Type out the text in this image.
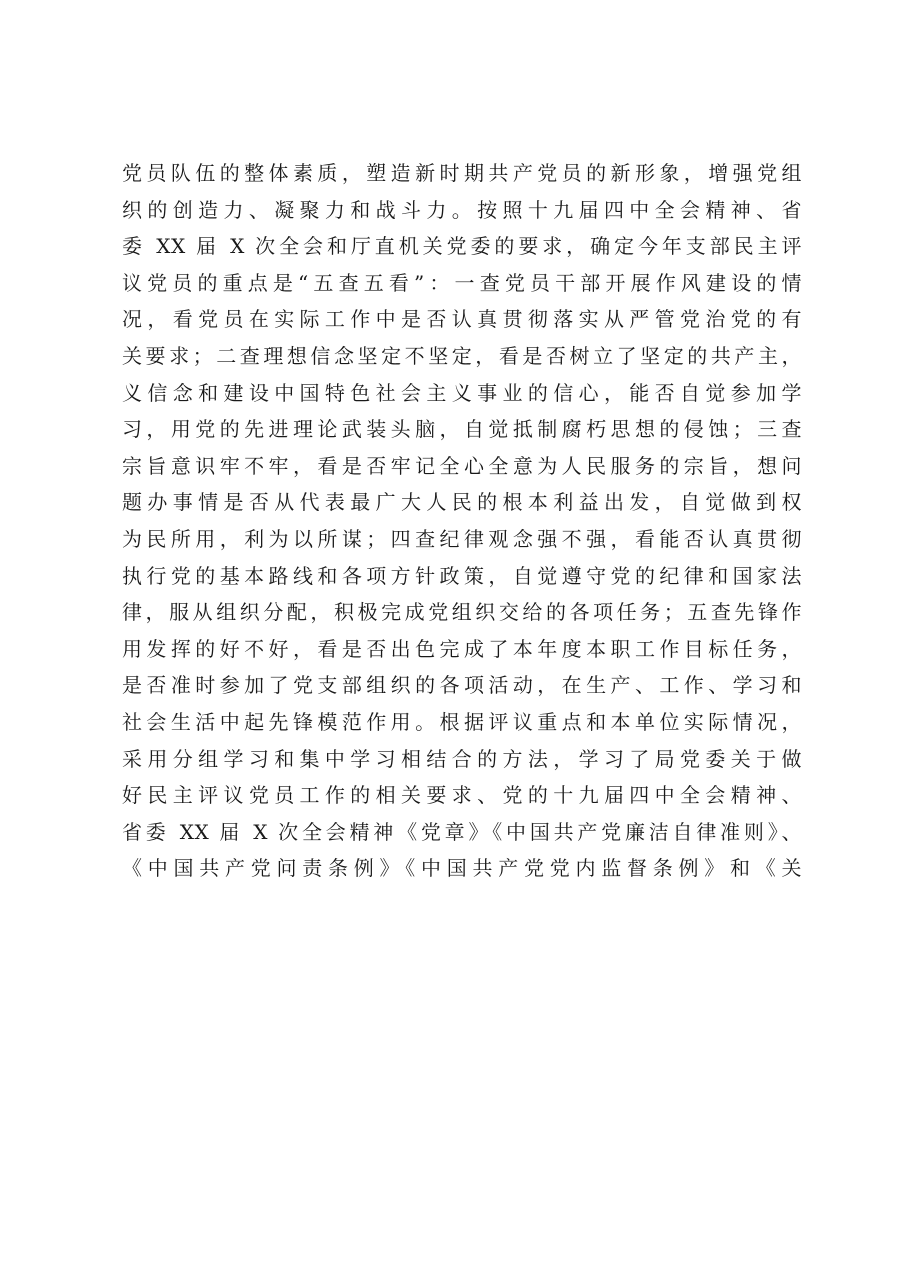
党员队伍的整体素质，塑造新时期共产党员的新形象，增强党组
织的创造力、凝聚力和战斗力。按照十九届四中全会精神、省
委 XX 届 X 次全会和厅直机关党委的要求，确定今年支部民主评
议党员的重点是“五查五看”：一查党员干部开展作风建设的情
况，看党员在实际工作中是否认真贯彻落实从严管党治党的有
关要求；二查理想信念坚定不坚定，看是否树立了坚定的共产主，
义信念和建设中国特色社会主义事业的信心，能否自觉参加学
习，用党的先进理论武装头脑，自觉抵制腐朽思想的侵蚀；三查
宗旨意识牢不牢，看是否牢记全心全意为人民服务的宗旨，想问
题办事情是否从代表最广大人民的根本利益出发，自觉做到权
为民所用，利为以所谋；四查纪律观念强不强，看能否认真贯彻
执行党的基本路线和各项方针政策，自觉遵守党的纪律和国家法
律，服从组织分配，积极完成党组织交给的各项任务；五查先锋作
用发挥的好不好，看是否出色完成了本年度本职工作目标任务，
是否准时参加了党支部组织的各项活动，在生产、工作、学习和
社会生活中起先锋模范作用。根据评议重点和本单位实际情况，
采用分组学习和集中学习相结合的方法，学习了局党委关于做
好民主评议党员工作的相关要求、党的十九届四中全会精神、
省委 XX 届 X 次全会精神《党章》《中国共产党廉洁自律准则》、
《中国共产党问责条例》《中国共产党党内监督条例》和《关
